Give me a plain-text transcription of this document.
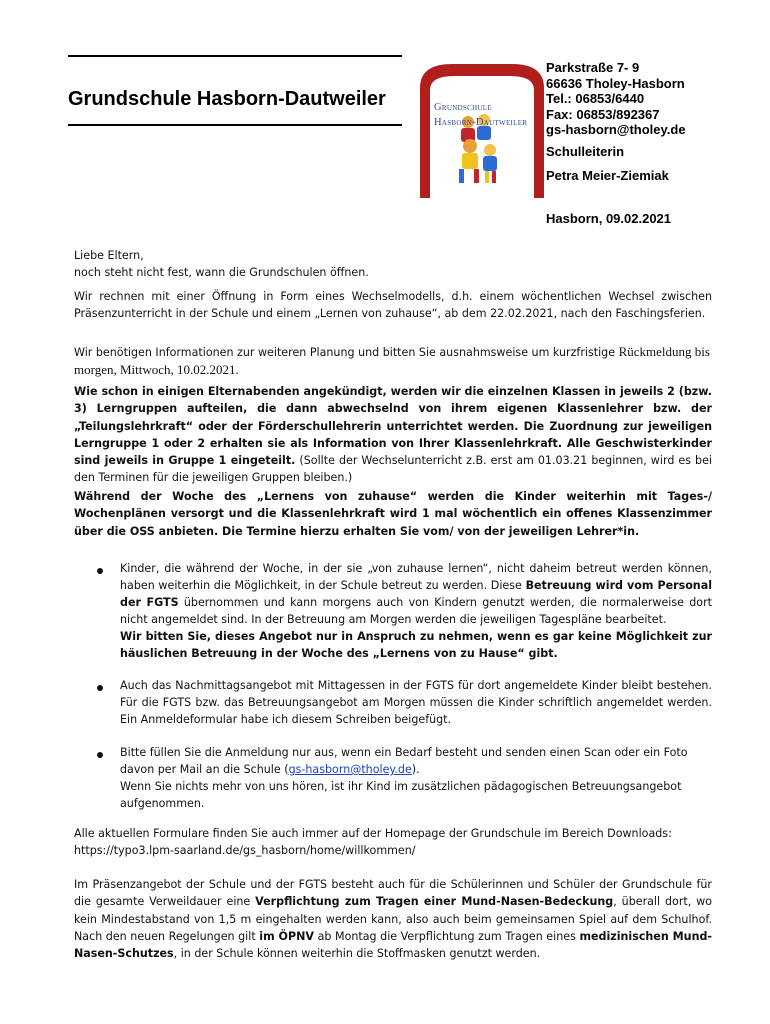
Grundschule Hasborn-Dautweiler	Grundschule
Hasborn-Dautweiler
Parkstraße 7- 9
66636 Tholey-Hasborn
Tel.: 06853/6440
Fax: 06853/892367
gs-hasborn@tholey.de
Schulleiterin
Petra Meier-Ziemiak
Hasborn, 09.02.2021
Liebe Eltern,
noch steht nicht fest, wann die Grundschulen öffnen.
Wir rechnen mit einer Öffnung in Form eines Wechselmodells, d.h. einem wöchentlichen Wechsel zwischen Präsenzunterricht in der Schule und einem „Lernen von zuhause“, ab dem 22.02.2021, nach den Faschingsferien.
Wir benötigen Informationen zur weiteren Planung und bitten Sie ausnahmsweise um kurzfristige Rückmeldung bis morgen, Mittwoch, 10.02.2021.
Wie schon in einigen Elternabenden angekündigt, werden wir die einzelnen Klassen in jeweils 2 (bzw. 3) Lerngruppen aufteilen, die dann abwechselnd von ihrem eigenen Klassenlehrer bzw. der „Teilungslehrkraft“ oder der Förderschullehrerin unterrichtet werden. Die Zuordnung zur jeweiligen Lerngruppe 1 oder 2 erhalten sie als Information von Ihrer Klassenlehrkraft. Alle Geschwisterkinder sind jeweils in Gruppe 1 eingeteilt. (Sollte der Wechselunterricht z.B. erst am 01.03.21 beginnen, wird es bei den Terminen für die jeweiligen Gruppen bleiben.)
Während der Woche des „Lernens von zuhause“ werden die Kinder weiterhin mit Tages-/ Wochenplänen versorgt und die Klassenlehrkraft wird 1 mal wöchentlich ein offenes Klassenzimmer über die OSS anbieten. Die Termine hierzu erhalten Sie vom/ von der jeweiligen Lehrer*in.
Kinder, die während der Woche, in der sie „von zuhause lernen“, nicht daheim betreut werden können, haben weiterhin die Möglichkeit, in der Schule betreut zu werden. Diese Betreuung wird vom Personal der FGTS übernommen und kann morgens auch von Kindern genutzt werden, die normalerweise dort nicht angemeldet sind. In der Betreuung am Morgen werden die jeweiligen Tagespläne bearbeitet.
Wir bitten Sie, dieses Angebot nur in Anspruch zu nehmen, wenn es gar keine Möglichkeit zur häuslichen Betreuung in der Woche des „Lernens von zu Hause“ gibt.
Auch das Nachmittagsangebot mit Mittagessen in der FGTS für dort angemeldete Kinder bleibt bestehen. Für die FGTS bzw. das Betreuungsangebot am Morgen müssen die Kinder schriftlich angemeldet werden. Ein Anmeldeformular habe ich diesem Schreiben beigefügt.
Bitte füllen Sie die Anmeldung nur aus, wenn ein Bedarf besteht und senden einen Scan oder ein Foto davon per Mail an die Schule (gs-hasborn@tholey.de).
Wenn Sie nichts mehr von uns hören, ist ihr Kind im zusätzlichen pädagogischen Betreuungsangebot aufgenommen.
Alle aktuellen Formulare finden Sie auch immer auf der Homepage der Grundschule im Bereich Downloads:
https://typo3.lpm-saarland.de/gs_hasborn/home/willkommen/
Im Präsenzangebot der Schule und der FGTS besteht auch für die Schülerinnen und Schüler der Grundschule für die gesamte Verweildauer eine Verpflichtung zum Tragen einer Mund-Nasen-Bedeckung, überall dort, wo kein Mindestabstand von 1,5 m eingehalten werden kann, also auch beim gemeinsamen Spiel auf dem Schulhof. Nach den neuen Regelungen gilt im ÖPNV ab Montag die Verpflichtung zum Tragen eines medizinischen Mund-Nasen-Schutzes, in der Schule können weiterhin die Stoffmasken genutzt werden.
